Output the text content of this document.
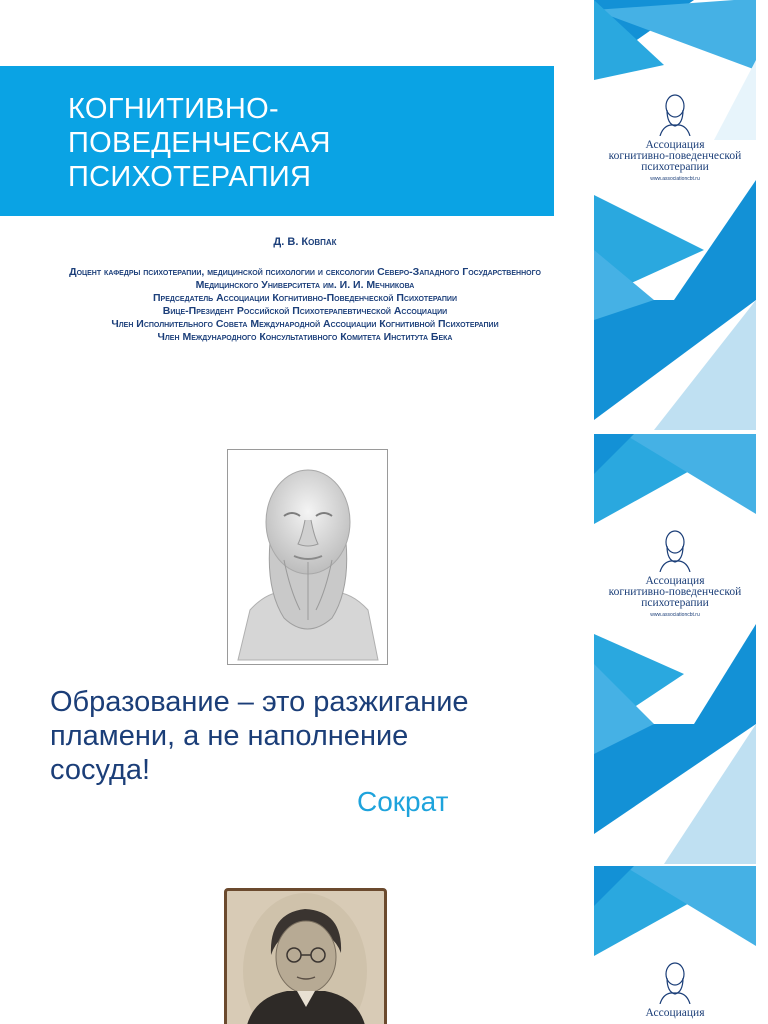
КОГНИТИВНО-
ПОВЕДЕНЧЕСКАЯ
ПСИХОТЕРАПИЯ
Д. В. Ковпак
Доцент кафедры психотерапии, медицинской психологии и сексологии Северо-Западного Государственного Медицинского Университета им. И. И. Мечникова
Председатель Ассоциации Когнитивно-Поведенческой Психотерапии
Вице-Президент Российской Психотерапевтической Ассоциации
Член Исполнительного Совета Международной Ассоциации Когнитивной Психотерапии
Член Международного Консультативного Комитета Института Бека
Образование – это разжигание
пламени, а не наполнение
сосуда!
Сократ
Ассоциация
когнитивно-поведенческой
психотерапии
www.associationcbt.ru
Ассоциация
когнитивно-поведенческой
психотерапии
www.associationcbt.ru
Ассоциация
